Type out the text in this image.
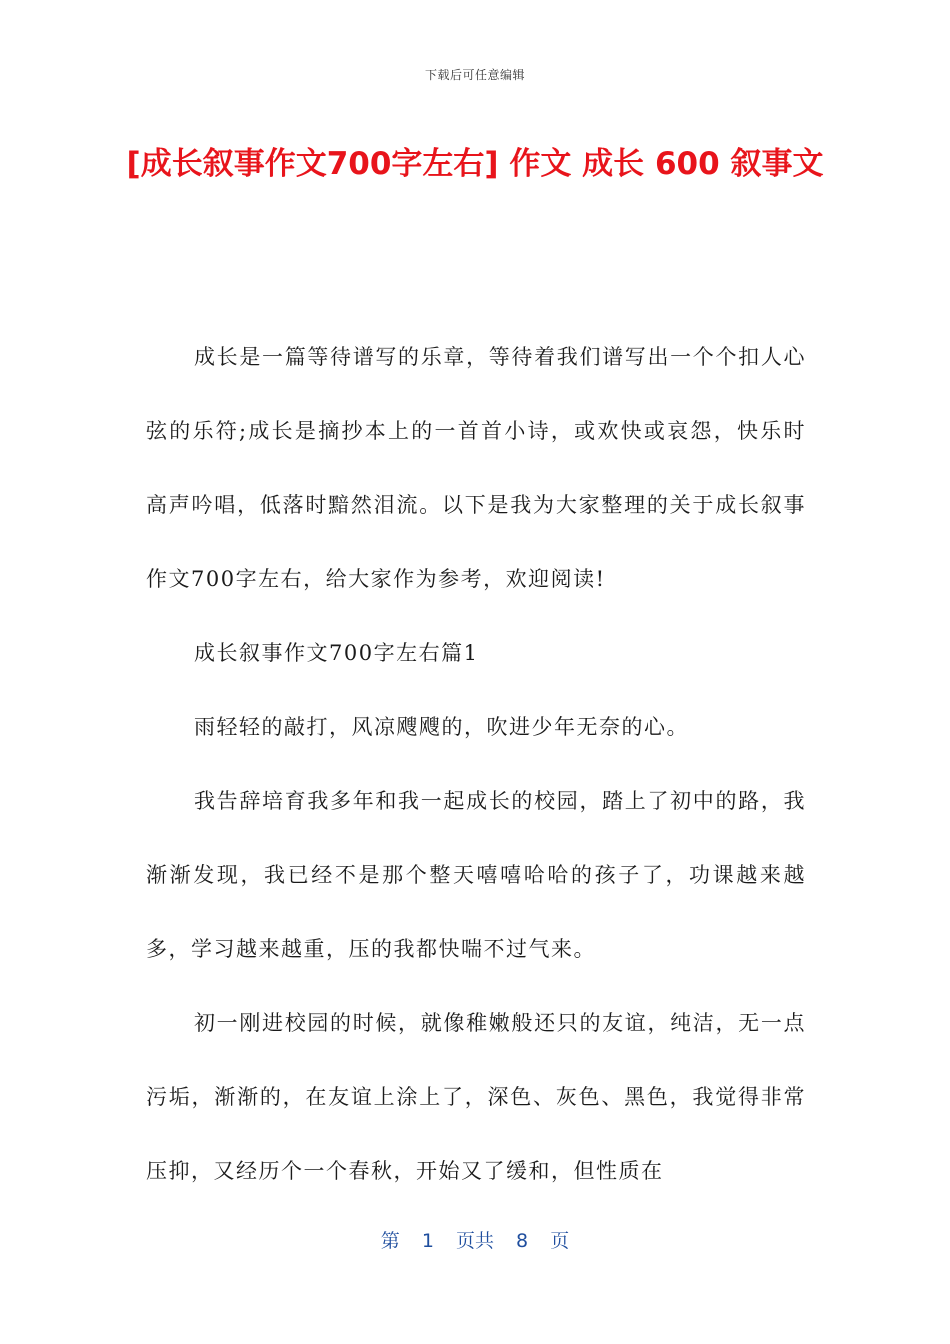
下载后可任意编辑
[成长叙事作文700字左右] 作文 成长 600 叙事文

成长是一篇等待谱写的乐章，等待着我们谱写出一个个扣人心弦的乐符;成长是摘抄本上的一首首小诗，或欢快或哀怨，快乐时高声吟唱，低落时黯然泪流。以下是我为大家整理的关于成长叙事作文700字左右，给大家作为参考，欢迎阅读!

成长叙事作文700字左右篇1

雨轻轻的敲打，风凉飕飕的，吹进少年无奈的心。

我告辞培育我多年和我一起成长的校园，踏上了初中的路，我渐渐发现，我已经不是那个整天嘻嘻哈哈的孩子了，功课越来越多，学习越来越重，压的我都快喘不过气来。

初一刚进校园的时候，就像稚嫩般还只的友谊，纯洁，无一点污垢，渐渐的，在友谊上涂上了，深色、灰色、黑色，我觉得非常压抑，又经历个一个春秋，开始又了缓和，但性质在

第 1 页共 8 页
